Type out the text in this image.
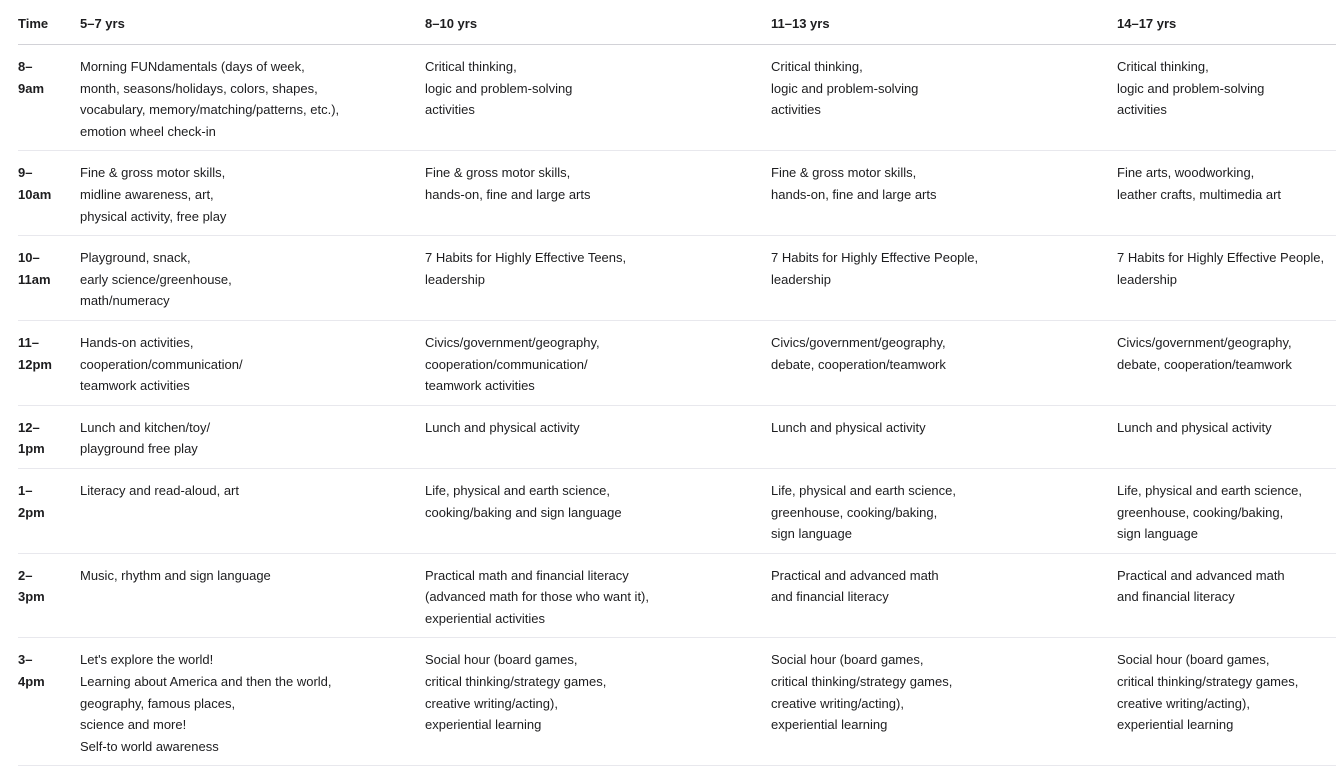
Time	5–7 yrs	8–10 yrs	11–13 yrs	14–17 yrs

8–
9am	Morning FUNdamentals (days of week,
month, seasons/holidays, colors, shapes,
vocabulary, memory/matching/patterns, etc.),
emotion wheel check-in	Critical thinking,
logic and problem-solving
activities	Critical thinking,
logic and problem-solving
activities	Critical thinking,
logic and problem-solving
activities

9–
10am	Fine & gross motor skills,
midline awareness, art,
physical activity, free play	Fine & gross motor skills,
hands-on, fine and large arts	Fine & gross motor skills,
hands-on, fine and large arts	Fine arts, woodworking,
leather crafts, multimedia art

10–
11am	Playground, snack,
early science/greenhouse,
math/numeracy	7 Habits for Highly Effective Teens,
leadership	7 Habits for Highly Effective People,
leadership	7 Habits for Highly Effective People,
leadership

11–
12pm	Hands-on activities,
cooperation/communication/
teamwork activities	Civics/government/geography,
cooperation/communication/
teamwork activities	Civics/government/geography,
debate, cooperation/teamwork	Civics/government/geography,
debate, cooperation/teamwork

12–
1pm	Lunch and kitchen/toy/
playground free play	Lunch and physical activity	Lunch and physical activity	Lunch and physical activity

1–
2pm	Literacy and read-aloud, art	Life, physical and earth science,
cooking/baking and sign language	Life, physical and earth science,
greenhouse, cooking/baking,
sign language	Life, physical and earth science,
greenhouse, cooking/baking,
sign language

2–
3pm	Music, rhythm and sign language	Practical math and financial literacy
(advanced math for those who want it),
experiential activities	Practical and advanced math
and financial literacy	Practical and advanced math
and financial literacy

3–
4pm	Let's explore the world!
Learning about America and then the world,
geography, famous places,
science and more!
Self-to world awareness	Social hour (board games,
critical thinking/strategy games,
creative writing/acting),
experiential learning	Social hour (board games,
critical thinking/strategy games,
creative writing/acting),
experiential learning	Social hour (board games,
critical thinking/strategy games,
creative writing/acting),
experiential learning
